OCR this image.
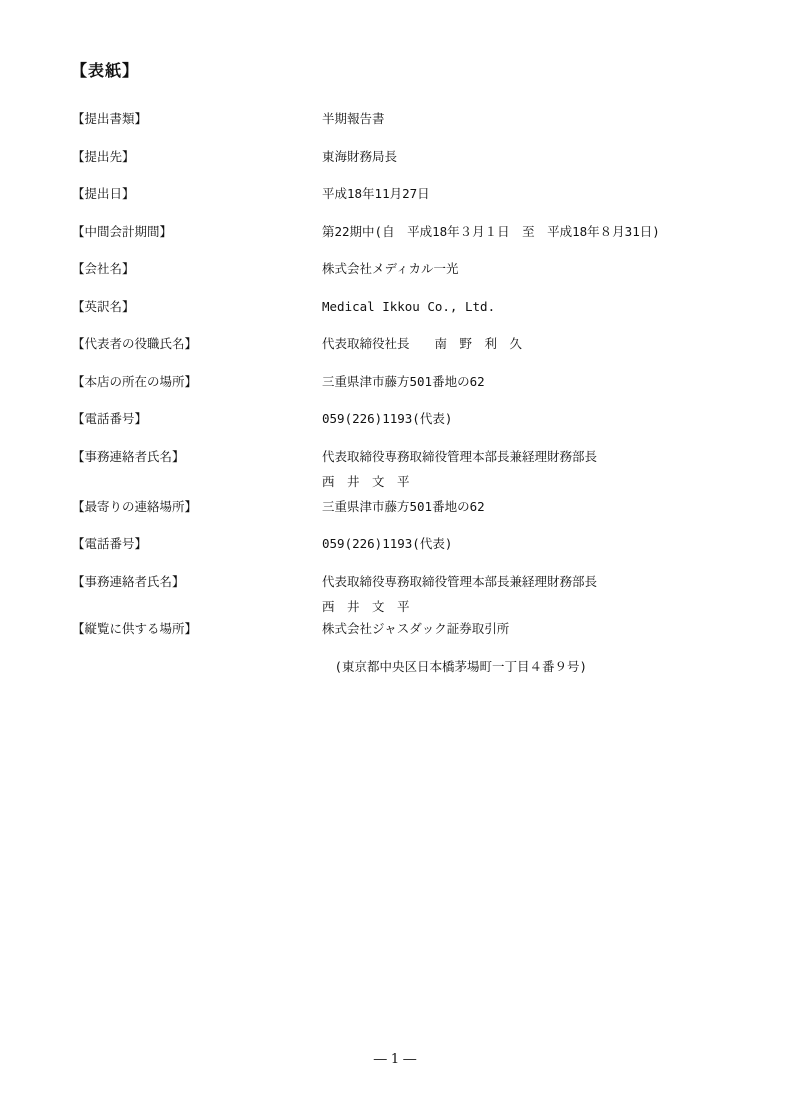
【表紙】
【提出書類】	半期報告書
【提出先】	東海財務局長
【提出日】	平成18年11月27日
【中間会計期間】	第22期中(自　平成18年３月１日　至　平成18年８月31日)
【会社名】	株式会社メディカル一光
【英訳名】	Medical Ikkou Co., Ltd.
【代表者の役職氏名】	代表取締役社長　　南　野　利　久
【本店の所在の場所】	三重県津市藤方501番地の62
【電話番号】	059(226)1193(代表)
【事務連絡者氏名】	代表取締役専務取締役管理本部長兼経理財務部長
西　井　文　平
【最寄りの連絡場所】	三重県津市藤方501番地の62
【電話番号】	059(226)1193(代表)
【事務連絡者氏名】	代表取締役専務取締役管理本部長兼経理財務部長
西　井　文　平
【縦覧に供する場所】	株式会社ジャスダック証券取引所
　(東京都中央区日本橋茅場町一丁目４番９号)
― 1 ―
